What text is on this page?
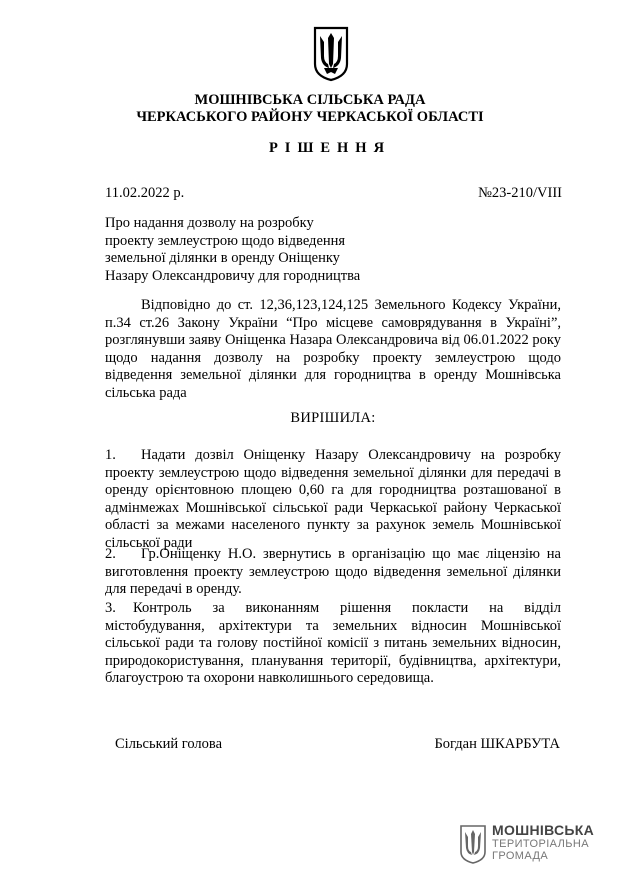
МОШНІВСЬКА СІЛЬСЬКА РАДА
ЧЕРКАСЬКОГО РАЙОНУ ЧЕРКАСЬКОЇ ОБЛАСТІ
РІШЕННЯ
11.02.2022 р.	№23-210/VIII
Про надання дозволу на розробку
проекту землеустрою щодо відведення
земельної ділянки в оренду Оніщенку
Назару Олександровичу для городництва
Відповідно до ст. 12,36,123,124,125 Земельного Кодексу України, п.34 ст.26 Закону України “Про місцеве самоврядування в Україні”, розглянувши заяву Оніщенка Назара Олександровича від 06.01.2022 року щодо надання дозволу на розробку проекту землеустрою щодо відведення земельної ділянки для городництва в оренду Мошнівська сільська рада
ВИРІШИЛА:
1. Надати дозвіл Оніщенку Назару Олександровичу на розробку проекту землеустрою щодо відведення земельної ділянки для передачі в оренду орієнтовною площею 0,60 га для городництва розташованої в адмінмежах Мошнівської сільської ради Черкаської району Черкаської області за межами населеного пункту за рахунок земель Мошнівської сільської ради
2. Гр.Оніщенку Н.О. звернутись в організацію що має ліцензію на виготовлення проекту землеустрою щодо відведення земельної ділянки для передачі в оренду.
3. Контроль за виконанням рішення покласти на відділ містобудування, архітектури та земельних відносин Мошнівської сільської ради та голову постійної комісії з питань земельних відносин, природокористування, планування території, будівництва, архітектури, благоустрою та охорони навколишнього середовища.
Сільський голова	Богдан ШКАРБУТА
МОШНІВСЬКА
ТЕРИТОРІАЛЬНА
ГРОМАДА
